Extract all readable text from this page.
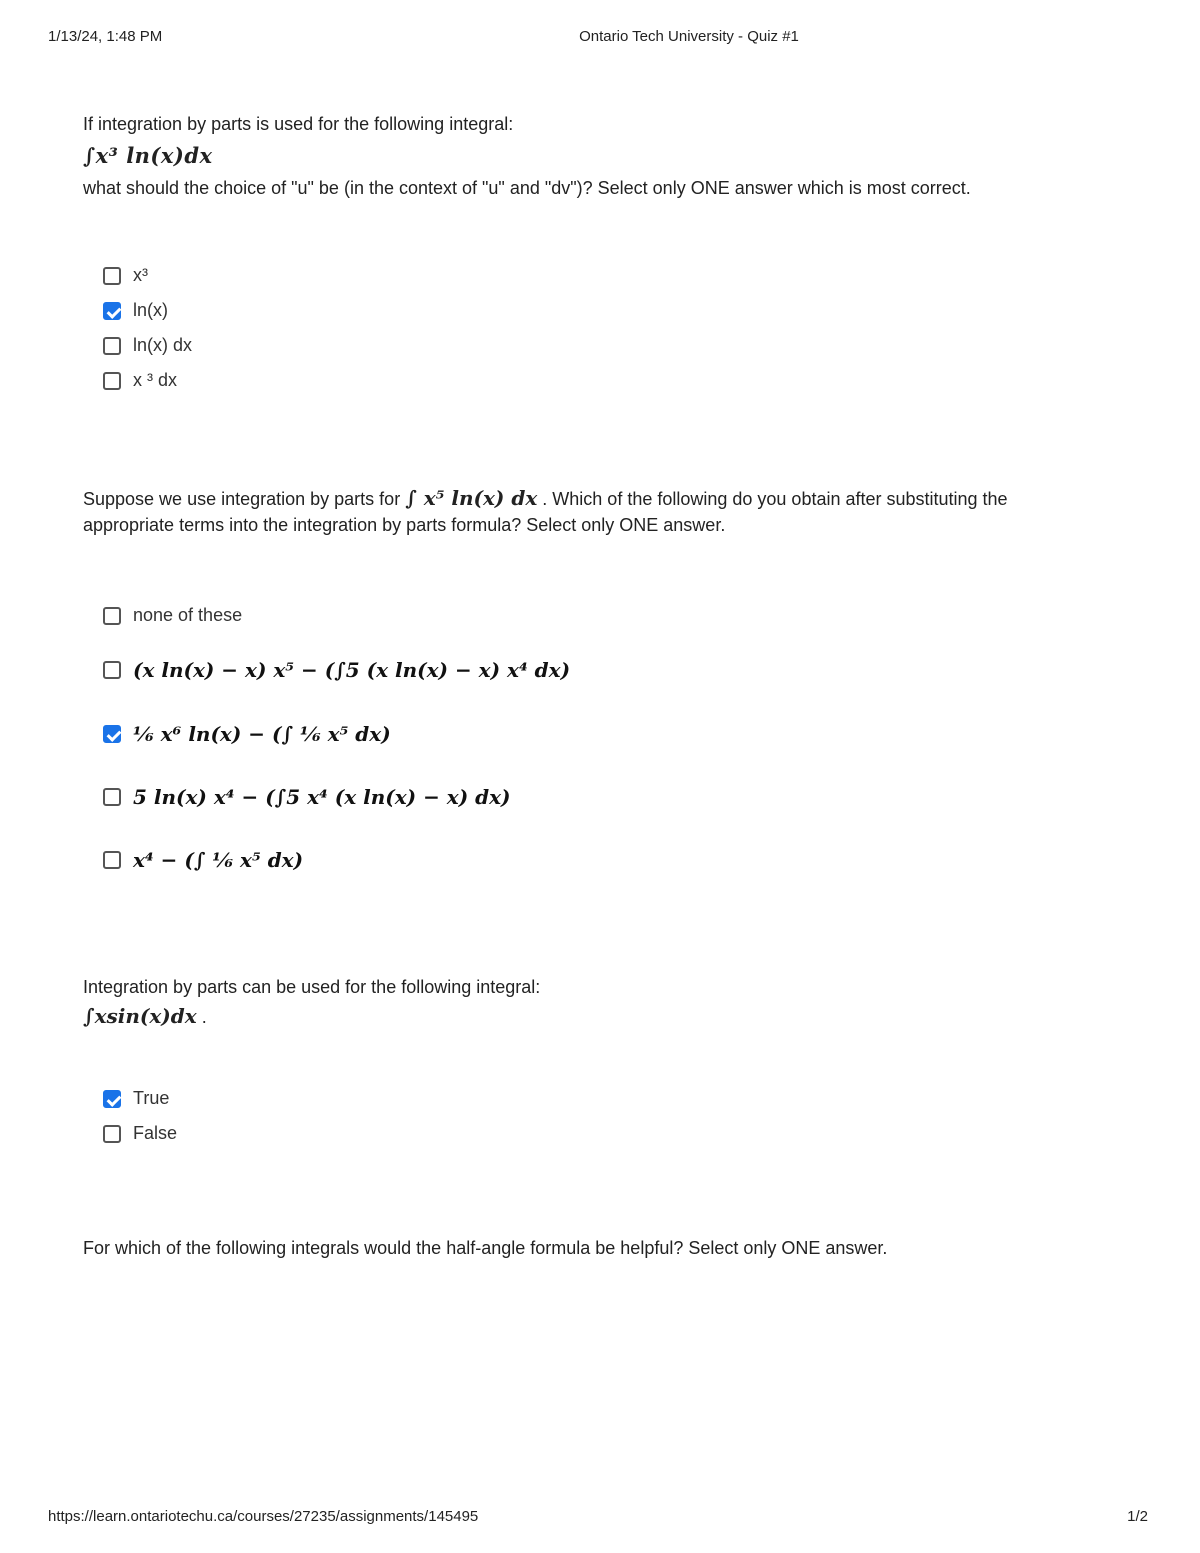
1/13/24, 1:48 PM	Ontario Tech University - Quiz #1
If integration by parts is used for the following integral:
∫x³ ln(x)dx
what should the choice of "u" be (in the context of "u" and "dv")? Select only ONE answer which is most correct.
x³
ln(x)
ln(x) dx
x ³ dx
Suppose we use integration by parts for ∫ x⁵ ln(x) dx . Which of the following do you obtain after substituting the appropriate terms into the integration by parts formula? Select only ONE answer.
none of these
(x ln(x) − x) x⁵ − (∫5 (x ln(x) − x) x⁴ dx)
⅙ x⁶ ln(x) − (∫ ⅙ x⁵ dx)
5 ln(x) x⁴ − (∫5 x⁴ (x ln(x) − x) dx)
x⁴ − (∫ ⅙ x⁵ dx)
Integration by parts can be used for the following integral:
∫xsin(x)dx .
True
False
For which of the following integrals would the half-angle formula be helpful? Select only ONE answer.
https://learn.ontariotechu.ca/courses/27235/assignments/145495	1/2
